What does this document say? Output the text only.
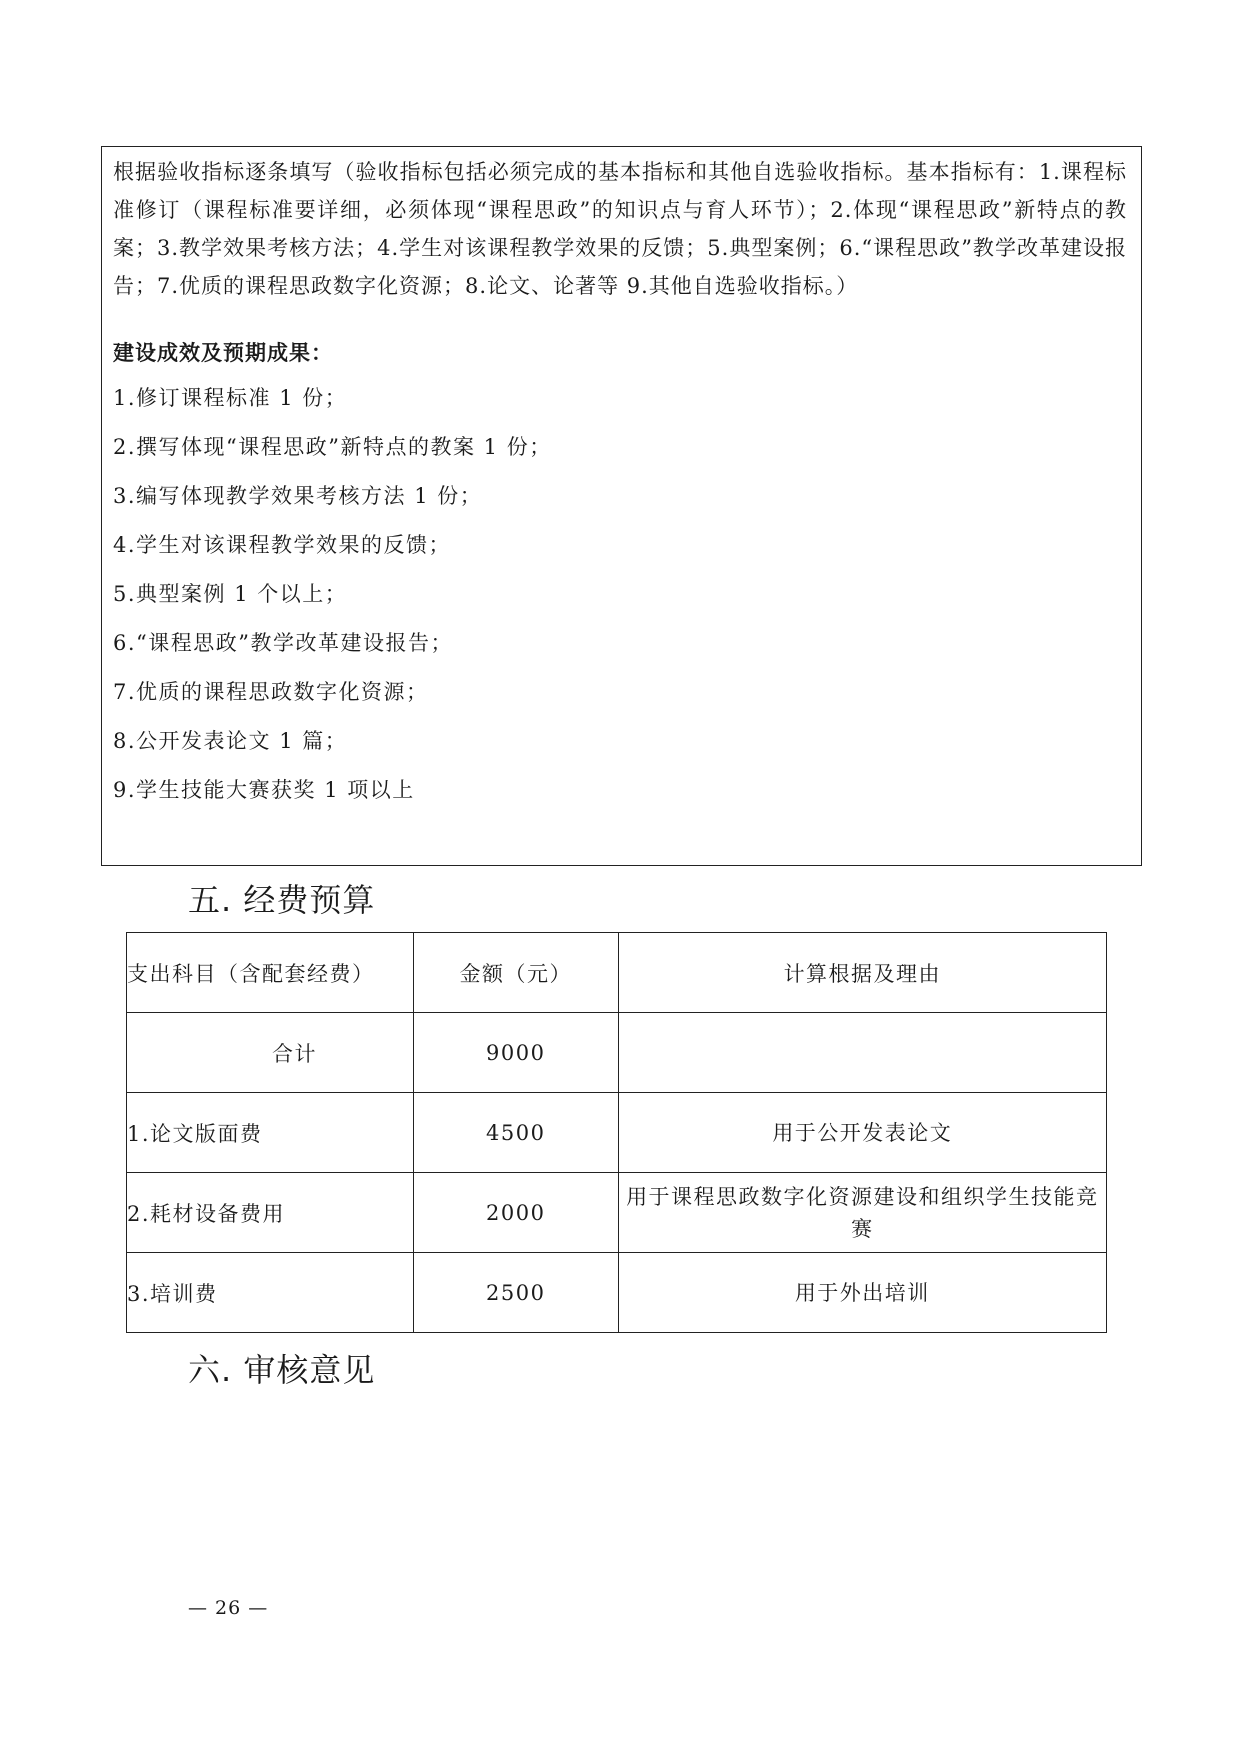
根据验收指标逐条填写（验收指标包括必须完成的基本指标和其他自选验收指标。基本指标有：1.课程标准修订（课程标准要详细，必须体现“课程思政”的知识点与育人环节）；2.体现“课程思政”新特点的教案；3.教学效果考核方法；4.学生对该课程教学效果的反馈；5.典型案例；6.“课程思政”教学改革建设报告；7.优质的课程思政数字化资源；8.论文、论著等 9.其他自选验收指标。）

建设成效及预期成果：

1.修订课程标准 1 份；
2.撰写体现“课程思政”新特点的教案 1 份；
3.编写体现教学效果考核方法 1 份；
4.学生对该课程教学效果的反馈；
5.典型案例 1 个以上；
6.“课程思政”教学改革建设报告；
7.优质的课程思政数字化资源；
8.公开发表论文 1 篇；
9.学生技能大赛获奖 1 项以上
五. 经费预算
支出科目（含配套经费）	金额（元）	计算根据及理由
合计	9000	
1.论文版面费	4500	用于公开发表论文
2.耗材设备费用	2000	用于课程思政数字化资源建设和组织学生技能竞赛
3.培训费	2500	用于外出培训
六. 审核意见
— 26 —
